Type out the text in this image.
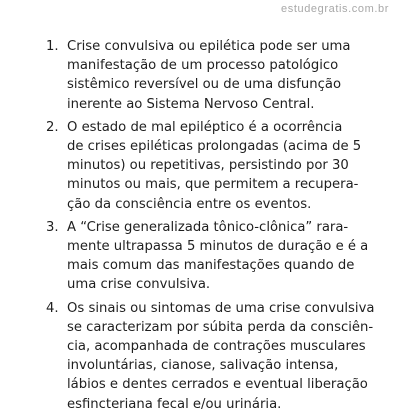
estudegratis.com.br
1. Crise convulsiva ou epilética pode ser uma
manifestação de um processo patológico
sistêmico reversível ou de uma disfunção
inerente ao Sistema Nervoso Central.
2. O estado de mal epiléptico é a ocorrência
de crises epiléticas prolongadas (acima de 5
minutos) ou repetitivas, persistindo por 30
minutos ou mais, que permitem a recupera-
ção da consciência entre os eventos.
3. A “Crise generalizada tônico-clônica” rara-
mente ultrapassa 5 minutos de duração e é a
mais comum das manifestações quando de
uma crise convulsiva.
4. Os sinais ou sintomas de uma crise convulsiva
se caracterizam por súbita perda da consciên-
cia, acompanhada de contrações musculares
involuntárias, cianose, salivação intensa,
lábios e dentes cerrados e eventual liberação
esfincteriana fecal e/ou urinária.
